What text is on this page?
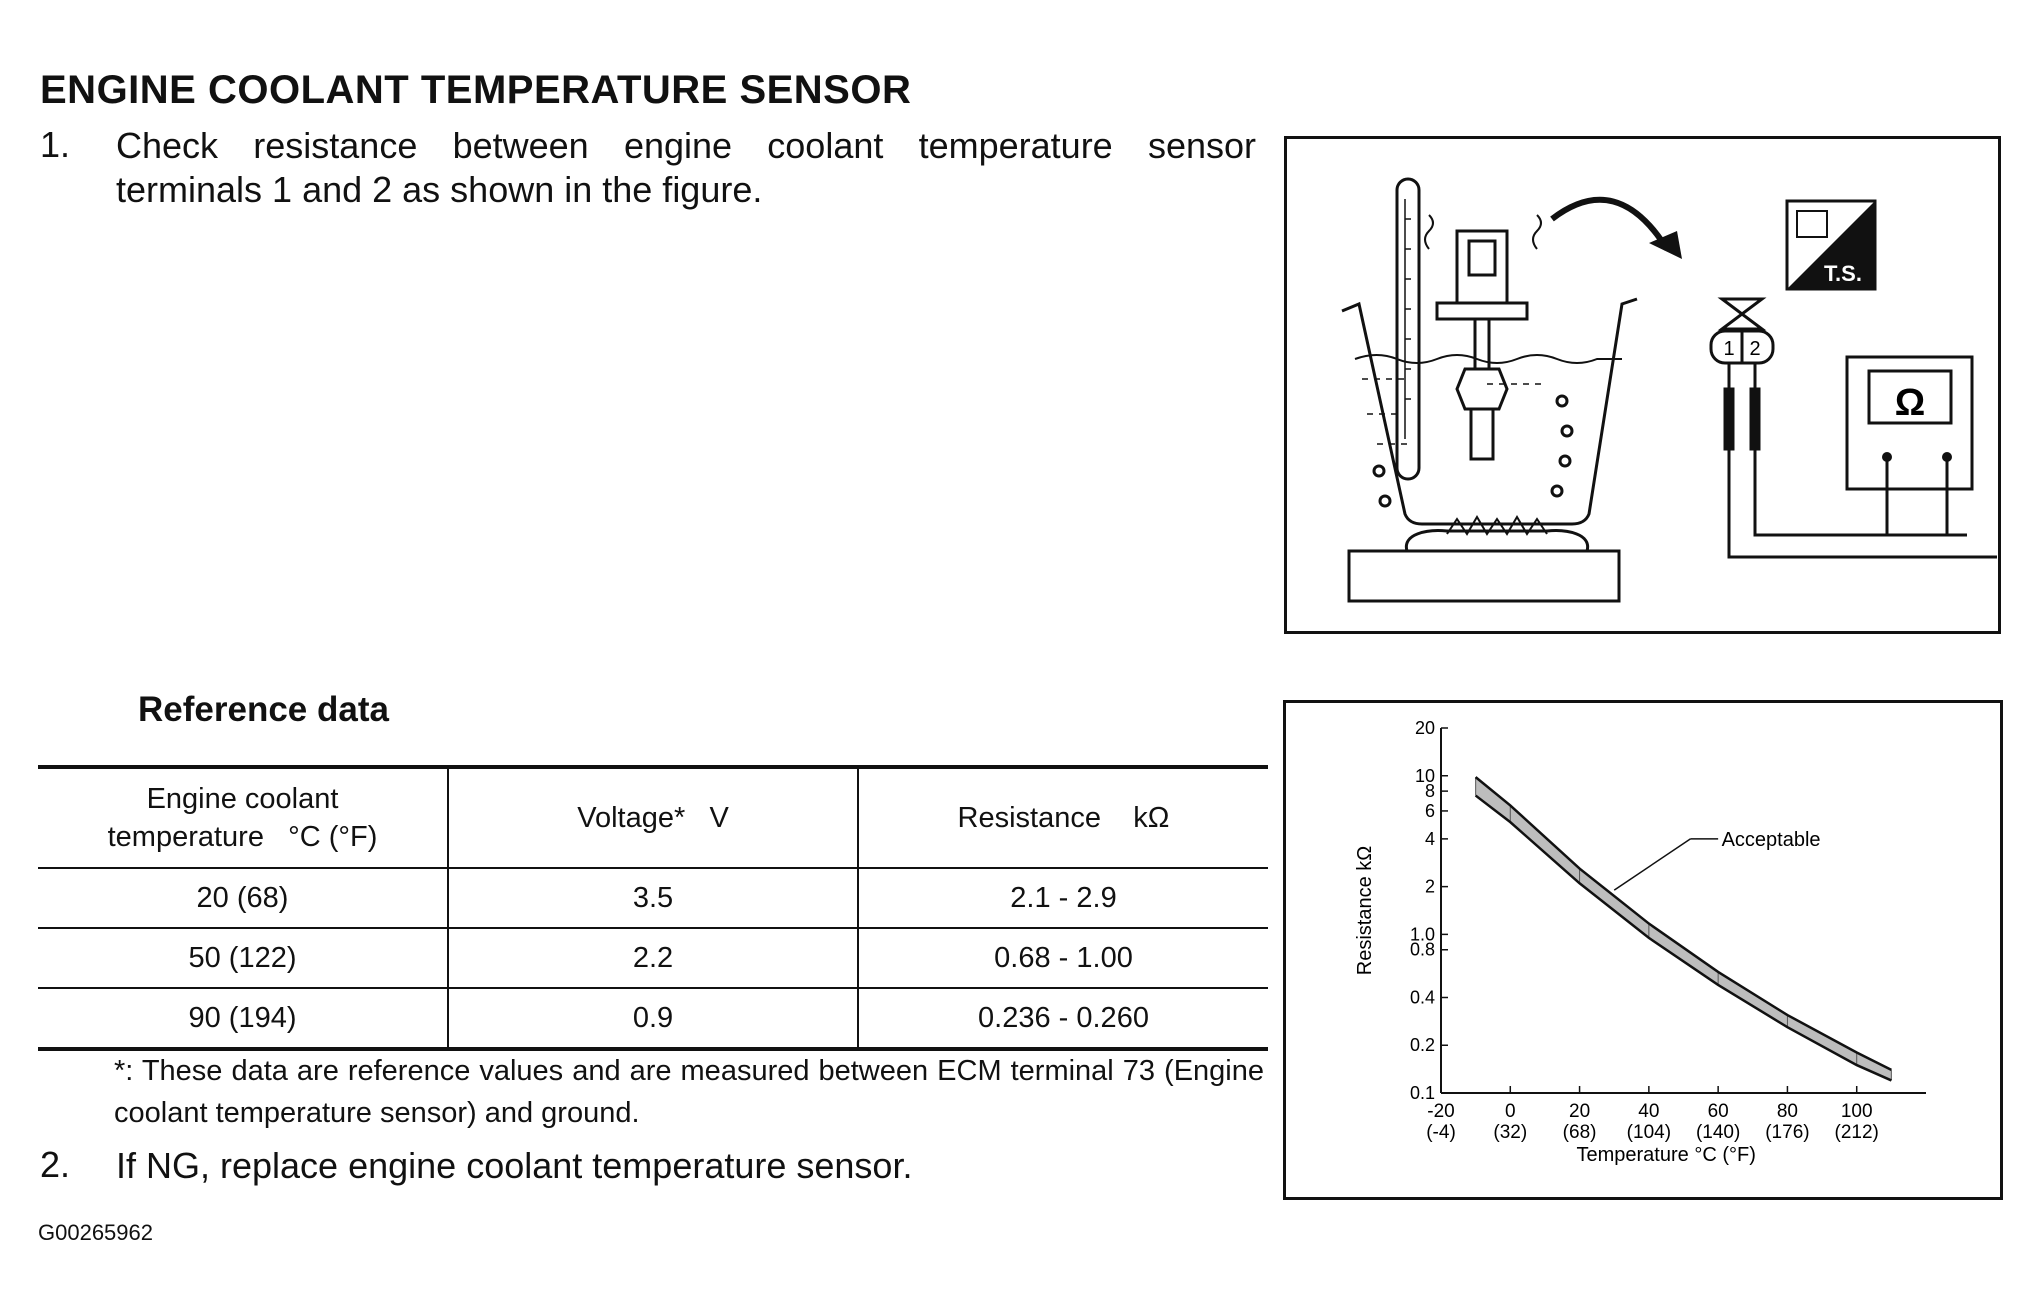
ENGINE COOLANT TEMPERATURE SENSOR
1. Check resistance between engine coolant temperature sensor terminals 1 and 2 as shown in the figure.
T.S.
1 2
Ω
Reference data
Engine coolant
temperature °C (°F)	Voltage* V	Resistance kΩ
20 (68)	3.5	2.1 - 2.9
50 (122)	2.2	0.68 - 1.00
90 (194)	0.9	0.236 - 0.260
*: These data are reference values and are measured between ECM terminal 73 (Engine coolant temperature sensor) and ground.
2. If NG, replace engine coolant temperature sensor.
G00265962
0.1
0.2
0.4
0.8
1.0
2
4
6
8
10
20
-20
(-4)
0
(32)
20
(68)
40
(104)
60
(140)
80
(176)
100
(212)
Resistance kΩ
Temperature °C (°F)
Acceptable
